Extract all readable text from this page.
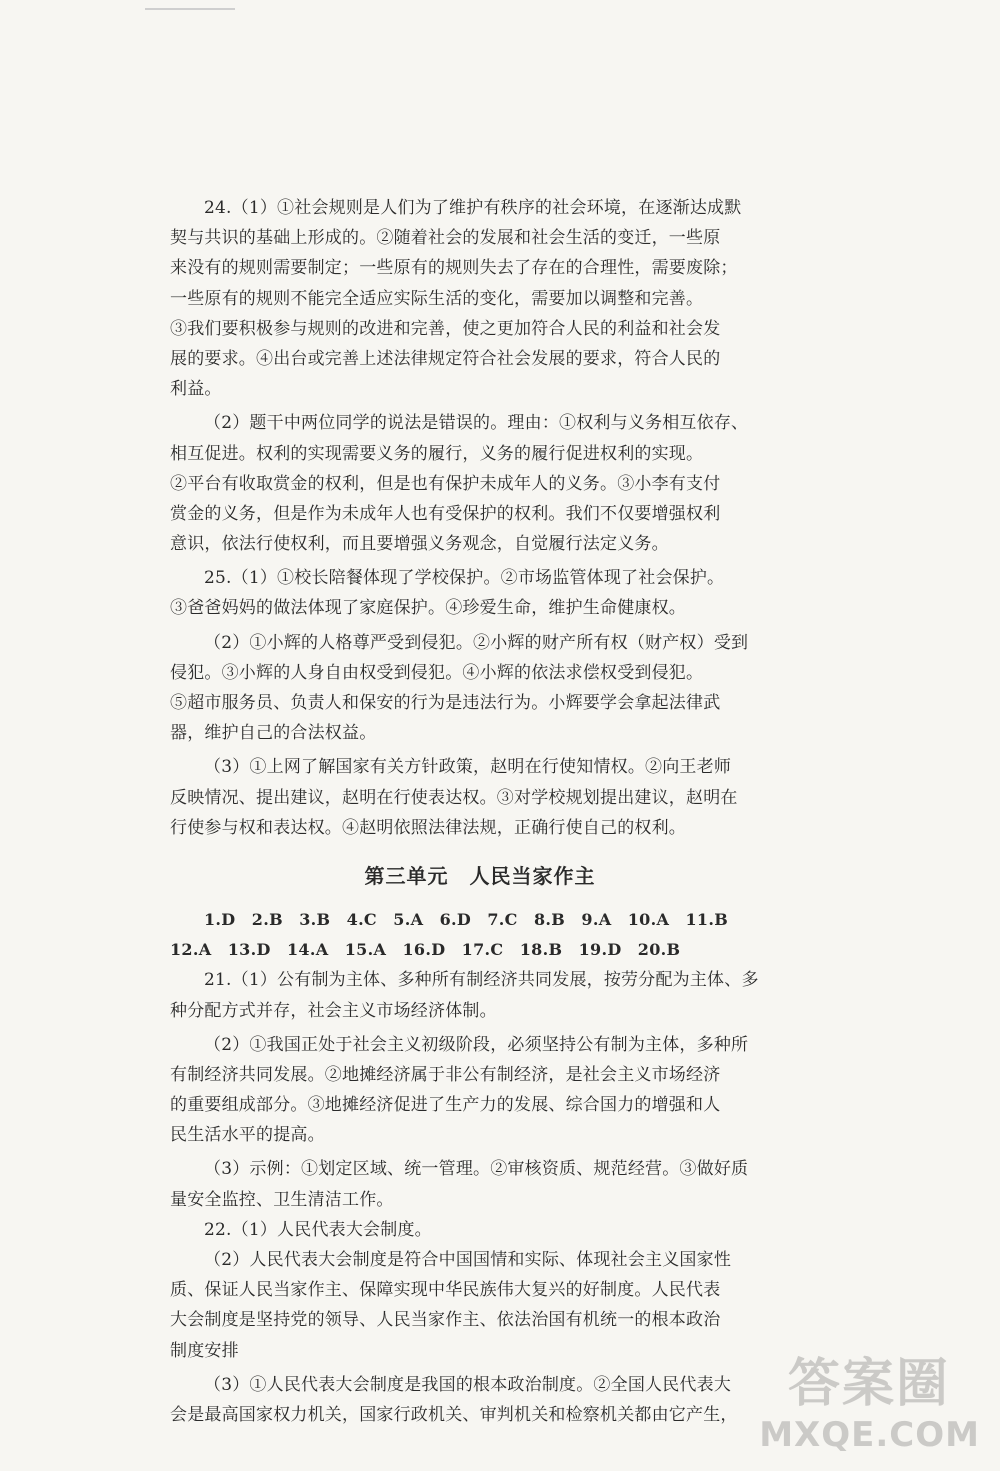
24.（1）①社会规则是人们为了维护有秩序的社会环境，在逐渐达成默
契与共识的基础上形成的。②随着社会的发展和社会生活的变迁，一些原
来没有的规则需要制定；一些原有的规则失去了存在的合理性，需要废除；
一些原有的规则不能完全适应实际生活的变化，需要加以调整和完善。
③我们要积极参与规则的改进和完善，使之更加符合人民的利益和社会发
展的要求。④出台或完善上述法律规定符合社会发展的要求，符合人民的
利益。
（2）题干中两位同学的说法是错误的。理由：①权利与义务相互依存、
相互促进。权利的实现需要义务的履行，义务的履行促进权利的实现。
②平台有收取赏金的权利，但是也有保护未成年人的义务。③小李有支付
赏金的义务，但是作为未成年人也有受保护的权利。我们不仅要增强权利
意识，依法行使权利，而且要增强义务观念，自觉履行法定义务。
25.（1）①校长陪餐体现了学校保护。②市场监管体现了社会保护。
③爸爸妈妈的做法体现了家庭保护。④珍爱生命，维护生命健康权。
（2）①小辉的人格尊严受到侵犯。②小辉的财产所有权（财产权）受到
侵犯。③小辉的人身自由权受到侵犯。④小辉的依法求偿权受到侵犯。
⑤超市服务员、负责人和保安的行为是违法行为。小辉要学会拿起法律武
器，维护自己的合法权益。
（3）①上网了解国家有关方针政策，赵明在行使知情权。②向王老师
反映情况、提出建议，赵明在行使表达权。③对学校规划提出建议，赵明在
行使参与权和表达权。④赵明依照法律法规，正确行使自己的权利。
第三单元　人民当家作主
1.D　2.B　3.B　4.C　5.A　6.D　7.C　8.B　9.A　10.A　11.B
12.A　13.D　14.A　15.A　16.D　17.C　18.B　19.D　20.B
21.（1）公有制为主体、多种所有制经济共同发展，按劳分配为主体、多
种分配方式并存，社会主义市场经济体制。
（2）①我国正处于社会主义初级阶段，必须坚持公有制为主体，多种所
有制经济共同发展。②地摊经济属于非公有制经济，是社会主义市场经济
的重要组成部分。③地摊经济促进了生产力的发展、综合国力的增强和人
民生活水平的提高。
（3）示例：①划定区域、统一管理。②审核资质、规范经营。③做好质
量安全监控、卫生清洁工作。
22.（1）人民代表大会制度。
（2）人民代表大会制度是符合中国国情和实际、体现社会主义国家性
质、保证人民当家作主、保障实现中华民族伟大复兴的好制度。人民代表
大会制度是坚持党的领导、人民当家作主、依法治国有机统一的根本政治
制度安排
（3）①人民代表大会制度是我国的根本政治制度。②全国人民代表大
会是最高国家权力机关，国家行政机关、审判机关和检察机关都由它产生，
答案圈
MXQE.COM
